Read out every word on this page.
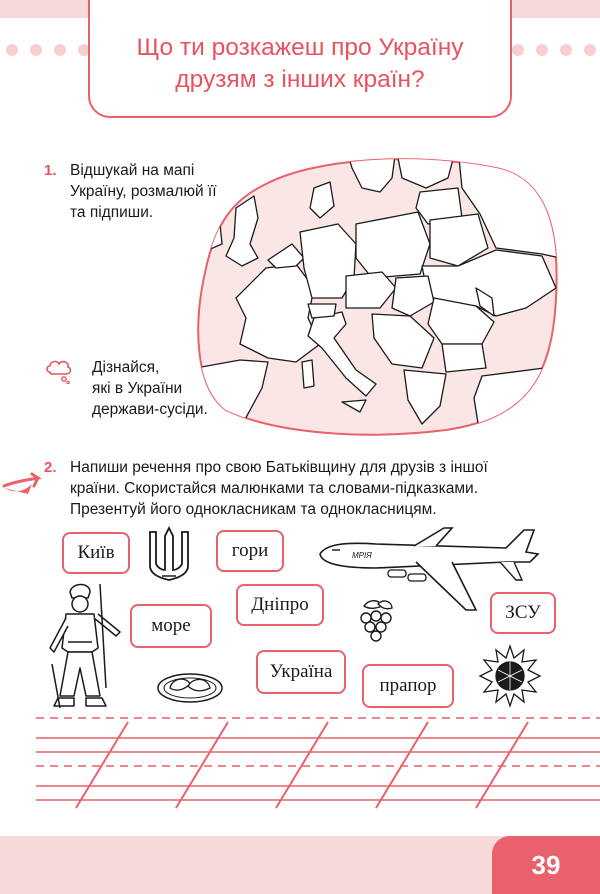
Що ти розкажеш про Україну
друзям з інших країн?
1. Відшукай на мапі
Україну, розмалюй її
та підпиши.
Дізнайся,
які в України
держави-сусіди.
2. Напиши речення про свою Батьківщину для друзів з іншої
країни. Скористайся малюнками та словами-підказками.
Презентуй його однокласникам та однокласницям.
Київ	гори
море
Дніпро	ЗСУ
Україна
прапор
МРІЯ
39
